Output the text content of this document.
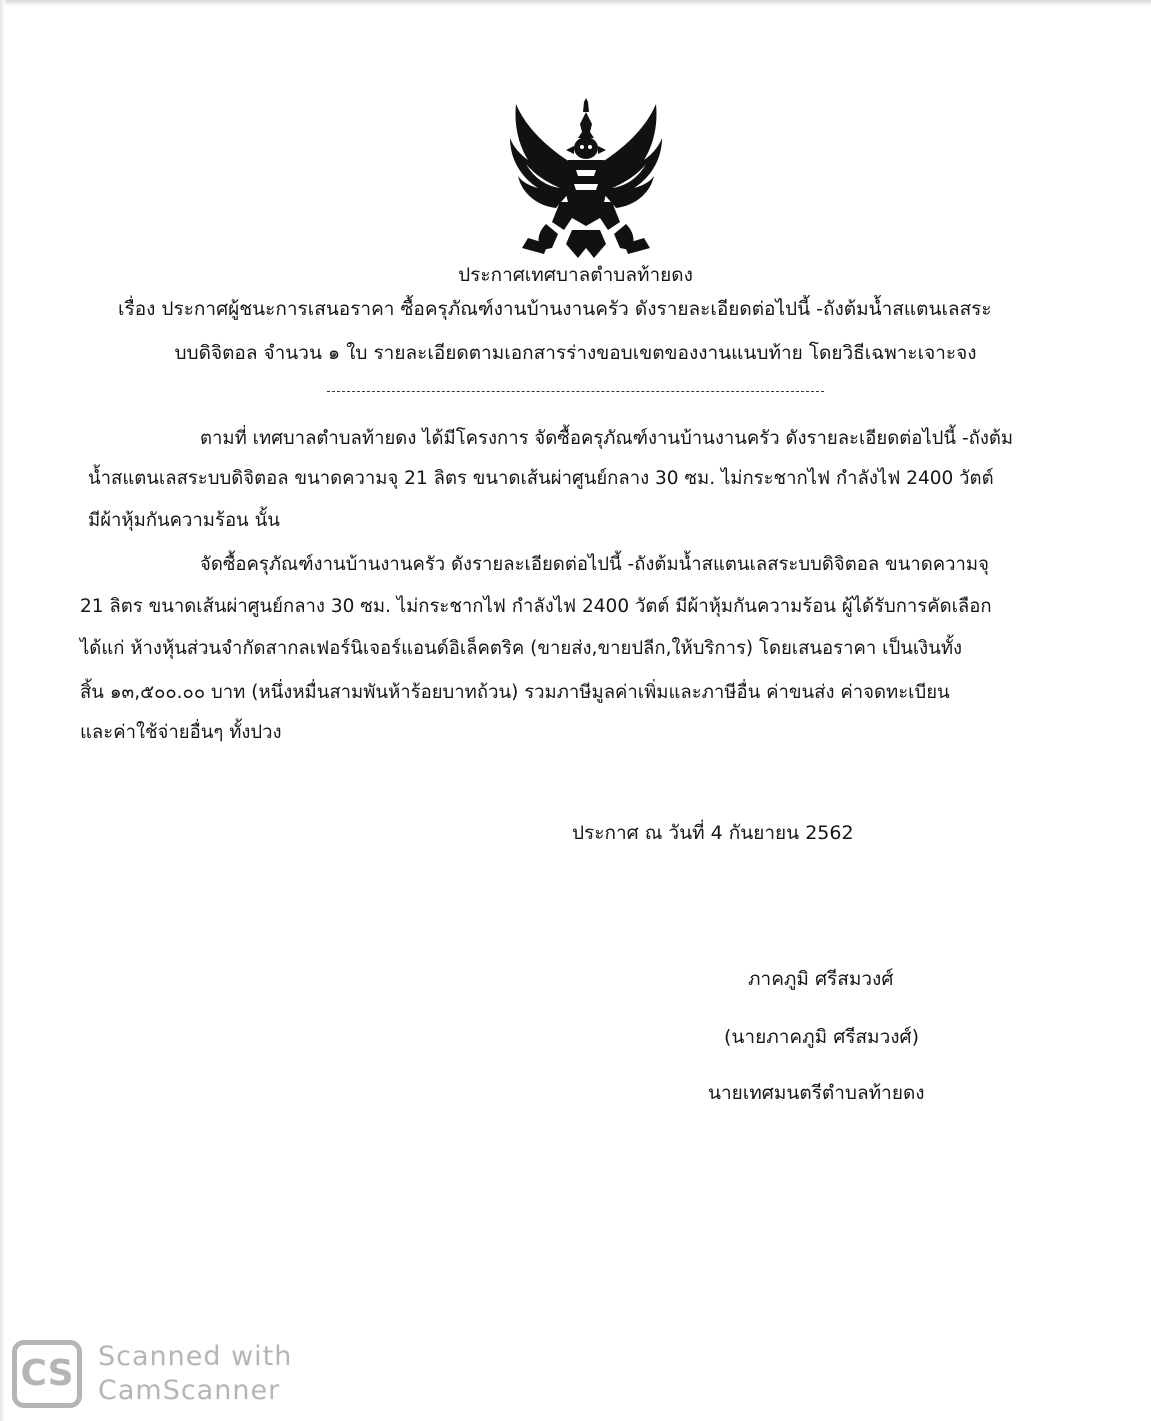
ประกาศเทศบาลตำบลท้ายดง
เรื่อง ประกาศผู้ชนะการเสนอราคา ซื้อครุภัณฑ์งานบ้านงานครัว ดังรายละเอียดต่อไปนี้ -ถังต้มน้ำสแตนเลสระ
บบดิจิตอล จำนวน ๑ ใบ รายละเอียดตามเอกสารร่างขอบเขตของงานแนบท้าย โดยวิธีเฉพาะเจาะจง
ตามที่ เทศบาลตำบลท้ายดง ได้มีโครงการ จัดซื้อครุภัณฑ์งานบ้านงานครัว ดังรายละเอียดต่อไปนี้ -ถังต้ม
น้ำสแตนเลสระบบดิจิตอล ขนาดความจุ 21 ลิตร ขนาดเส้นผ่าศูนย์กลาง 30 ซม. ไม่กระชากไฟ กำลังไฟ 2400 วัตต์
มีผ้าหุ้มกันความร้อน นั้น
จัดซื้อครุภัณฑ์งานบ้านงานครัว ดังรายละเอียดต่อไปนี้ -ถังต้มน้ำสแตนเลสระบบดิจิตอล ขนาดความจุ
21 ลิตร ขนาดเส้นผ่าศูนย์กลาง 30 ซม. ไม่กระชากไฟ กำลังไฟ 2400 วัตต์ มีผ้าหุ้มกันความร้อน ผู้ได้รับการคัดเลือก
ได้แก่ ห้างหุ้นส่วนจำกัดสากลเฟอร์นิเจอร์แอนด์อิเล็คตริค (ขายส่ง,ขายปลีก,ให้บริการ) โดยเสนอราคา เป็นเงินทั้ง
สิ้น ๑๓,๕๐๐.๐๐ บาท (หนึ่งหมื่นสามพันห้าร้อยบาทถ้วน) รวมภาษีมูลค่าเพิ่มและภาษีอื่น ค่าขนส่ง ค่าจดทะเบียน
และค่าใช้จ่ายอื่นๆ ทั้งปวง
ประกาศ ณ วันที่ 4 กันยายน 2562
ภาคภูมิ ศรีสมวงศ์
(นายภาคภูมิ ศรีสมวงศ์)
นายเทศมนตรีตำบลท้ายดง
CS Scanned with
CamScanner
